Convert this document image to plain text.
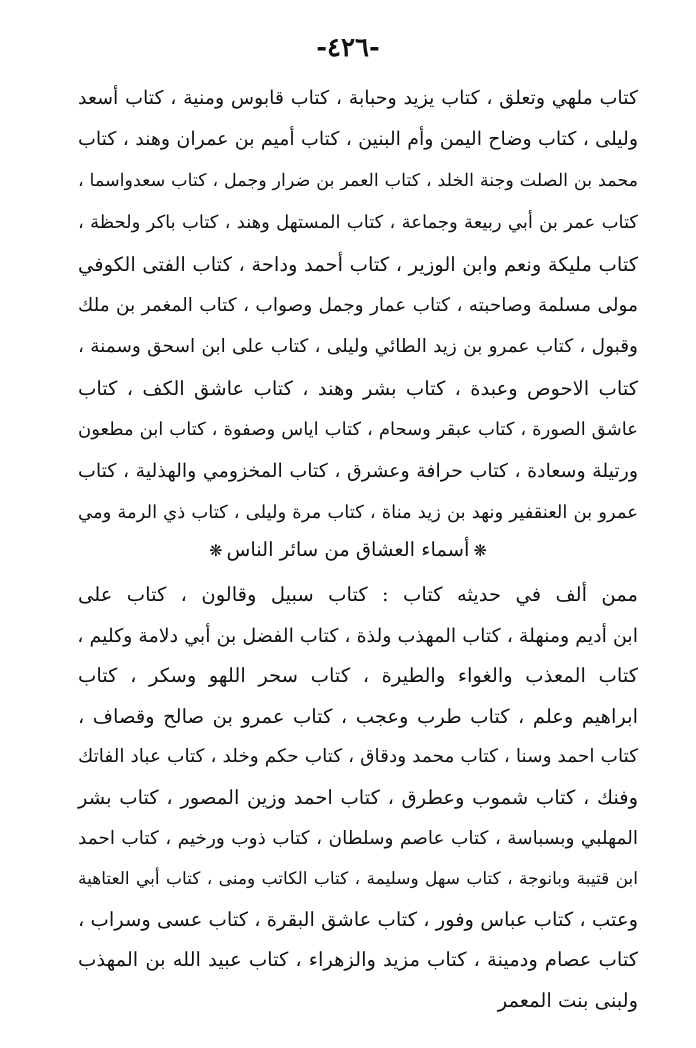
-٤٢٦-
كتاب ملهي وتعلق ، كتاب يزيد وحبابة ، كتاب قابوس ومنية ، كتاب أسعد
وليلى ، كتاب وضاح اليمن وأم البنين ، كتاب أميم بن عمران وهند ، كتاب
محمد بن الصلت وجنة الخلد ، كتاب العمر بن ضرار وجمل ، كتاب سعدواسما ،
كتاب عمر بن أبي ربيعة وجماعة ، كتاب المستهل وهند ، كتاب باكر ولحظة ،
كتاب مليكة ونعم وابن الوزير ، كتاب أحمد وداحة ، كتاب الفتى الكوفي
مولى مسلمة وصاحبته ، كتاب عمار وجمل وصواب ، كتاب المغمر بن ملك
وقبول ، كتاب عمرو بن زيد الطائي وليلى ، كتاب على ابن اسحق وسمنة ،
كتاب الاحوص وعبدة ، كتاب بشر وهند ، كتاب عاشق الكف ، كتاب
عاشق الصورة ، كتاب عبقر وسحام ، كتاب اياس وصفوة ، كتاب ابن مطعون
ورتيلة وسعادة ، كتاب حرافة وعشرق ، كتاب المخزومي والهذلية ، كتاب
عمرو بن العنقفير ونهد بن زيد مناة ، كتاب مرة وليلى ، كتاب ذي الرمة ومي
❋أسماء العشاق من سائر الناس❋
ممن ألف في حديثه كتاب : كتاب سبيل وقالون ، كتاب على
ابن أديم ومنهلة ، كتاب المهذب ولذة ، كتاب الفضل بن أبي دلامة وكليم ،
كتاب المعذب والغواء والطيرة ، كتاب سحر اللهو وسكر ، كتاب
ابراهيم وعلم ، كتاب طرب وعجب ، كتاب عمرو بن صالح وقصاف ،
كتاب احمد وسنا ، كتاب محمد ودقاق ، كتاب حكم وخلد ، كتاب عباد الفاتك
وفنك ، كتاب شموب وعطرق ، كتاب احمد وزين المصور ، كتاب بشر
المهلبي وبسباسة ، كتاب عاصم وسلطان ، كتاب ذوب ورخيم ، كتاب احمد
ابن قتيبة وبانوجة ، كتاب سهل وسليمة ، كتاب الكاتب ومنى ، كتاب أبي العتاهية
وعتب ، كتاب عباس وفور ، كتاب عاشق البقرة ، كتاب عسى وسراب ،
كتاب عصام ودمينة ، كتاب مزيد والزهراء ، كتاب عبيد الله بن المهذب
ولبنى بنت المعمر
